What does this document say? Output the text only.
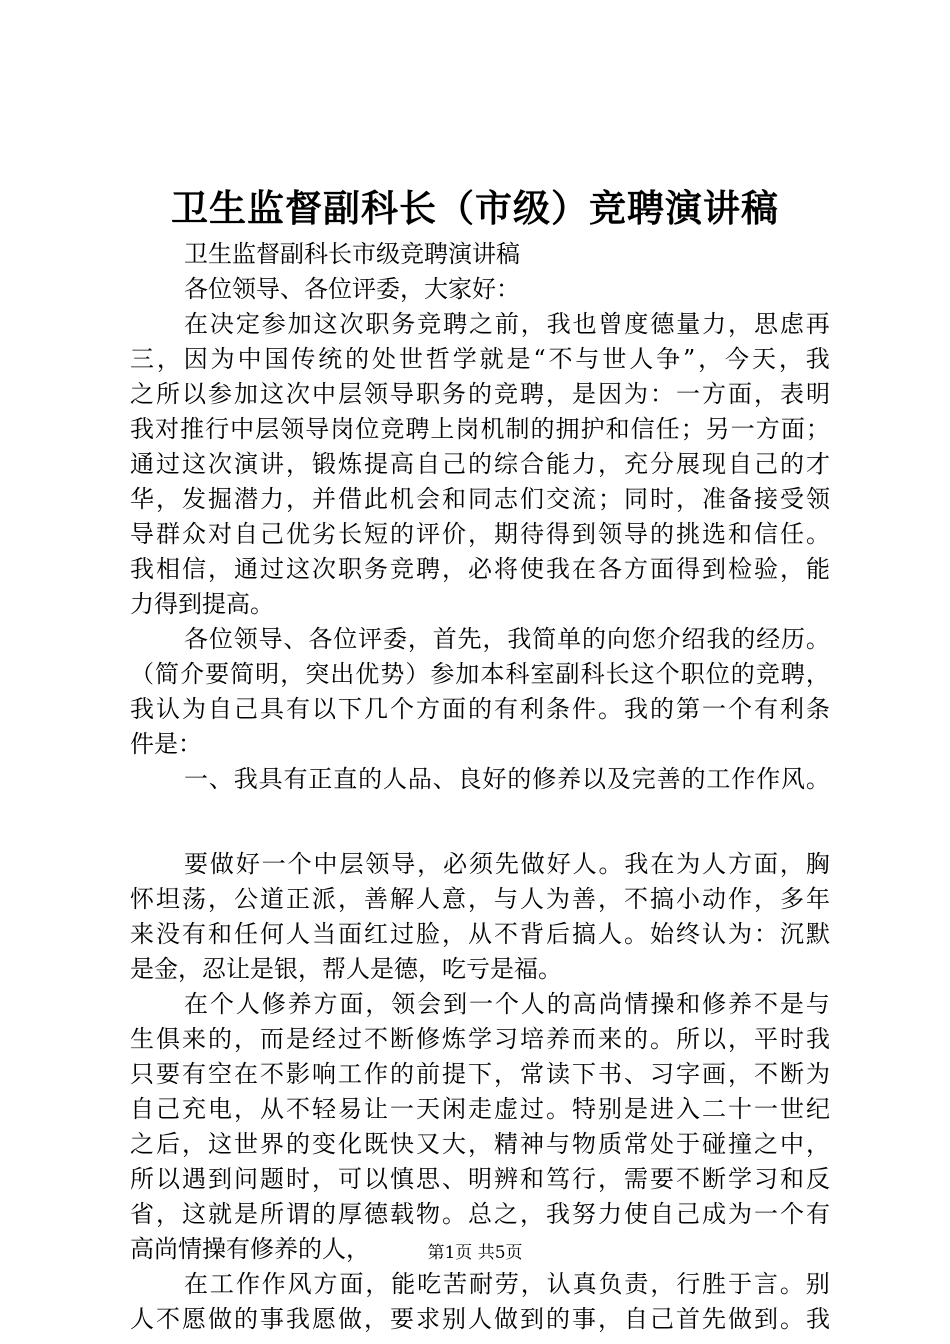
卫生监督副科长（市级）竞聘演讲稿
卫生监督副科长市级竞聘演讲稿
各位领导、各位评委，大家好：
在 决 定 参 加 这 次 职 务 竞 聘 之 前 ， 我 也 曾 度 德 量 力 ， 思 虑 再
三 ， 因 为 中 国 传 统 的 处 世 哲 学 就 是 “ 不 与 世 人 争 ” ， 今 天 ， 我
之 所 以 参 加 这 次 中 层 领 导 职 务 的 竞 聘 ， 是 因 为 ： 一 方 面 ， 表 明
我 对 推 行 中 层 领 导 岗 位 竞 聘 上 岗 机 制 的 拥 护 和 信 任 ； 另 一 方 面 ；
通 过 这 次 演 讲 ， 锻 炼 提 高 自 己 的 综 合 能 力 ， 充 分 展 现 自 己 的 才
华 ， 发 掘 潜 力 ， 并 借 此 机 会 和 同 志 们 交 流 ； 同 时 ， 准 备 接 受 领
导 群 众 对 自 己 优 劣 长 短 的 评 价 ， 期 待 得 到 领 导 的 挑 选 和 信 任 。
我 相 信 ， 通 过 这 次 职 务 竞 聘 ， 必 将 使 我 在 各 方 面 得 到 检 验 ， 能
力得到提高。
各 位 领 导 、 各 位 评 委 ， 首 先 ， 我 简 单 的 向 您 介 绍 我 的 经 历 。
（ 简 介 要 简 明 ， 突 出 优 势 ） 参 加 本 科 室 副 科 长 这 个 职 位 的 竞 聘 ，
我 认 为 自 己 具 有 以 下 几 个 方 面 的 有 利 条 件 。 我 的 第 一 个 有 利 条
件是：
一 、 我 具 有 正 直 的 人 品 、 良 好 的 修 养 以 及 完 善 的 工 作 作 风 。
要 做 好 一 个 中 层 领 导 ， 必 须 先 做 好 人 。 我 在 为 人 方 面 ， 胸
怀 坦 荡 ， 公 道 正 派 ， 善 解 人 意 ， 与 人 为 善 ， 不 搞 小 动 作 ， 多 年
来 没 有 和 任 何 人 当 面 红 过 脸 ， 从 不 背 后 搞 人 。 始 终 认 为 ： 沉 默
是金，忍让是银，帮人是德，吃亏是福。
在 个 人 修 养 方 面 ， 领 会 到 一 个 人 的 高 尚 情 操 和 修 养 不 是 与
生 俱 来 的 ， 而 是 经 过 不 断 修 炼 学 习 培 养 而 来 的 。 所 以 ， 平 时 我
只 要 有 空 在 不 影 响 工 作 的 前 提 下 ， 常 读 下 书 、 习 字 画 ， 不 断 为
自 己 充 电 ， 从 不 轻 易 让 一 天 闲 走 虚 过 。 特 别 是 进 入 二 十 一 世 纪
之 后 ， 这 世 界 的 变 化 既 快 又 大 ， 精 神 与 物 质 常 处 于 碰 撞 之 中 ，
所 以 遇 到 问 题 时 ， 可 以 慎 思 、 明 辨 和 笃 行 ， 需 要 不 断 学 习 和 反
省 ， 这 就 是 所 谓 的 厚 德 载 物 。 总 之 ， 我 努 力 使 自 己 成 为 一 个 有
高尚情操有修养的人，
在 工 作 作 风 方 面 ， 能 吃 苦 耐 劳 ， 认 真 负 责 ， 行 胜 于 言 。 别
人 不 愿 做 的 事 我 愿 做 ， 要 求 别 人 做 到 的 事 ， 自 己 首 先 做 到 。 我
第1页 共5页
